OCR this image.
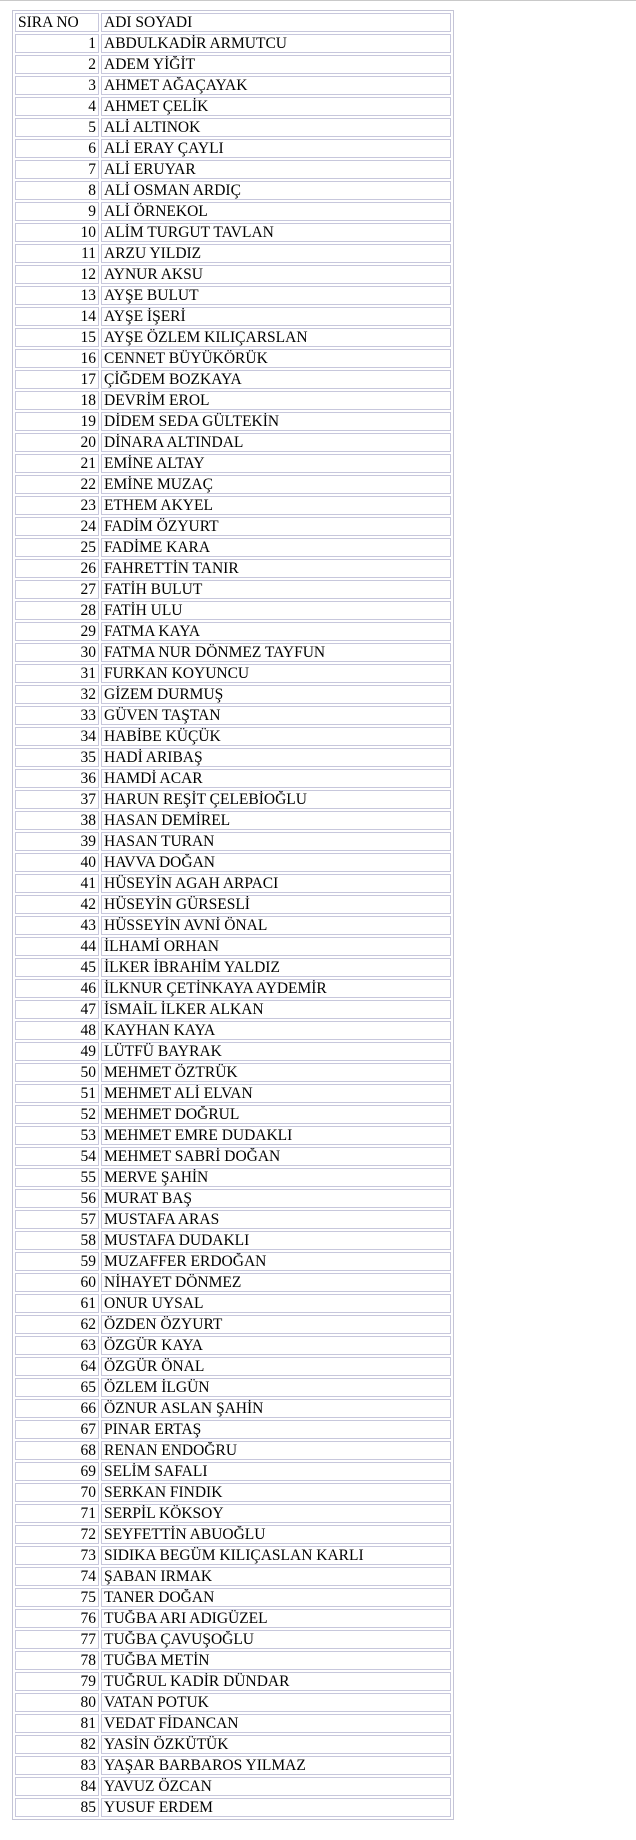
SIRA NO	ADI SOYADI
1	ABDULKADİR ARMUTCU
2	ADEM YİĞİT
3	AHMET AĞAÇAYAK
4	AHMET ÇELİK
5	ALİ ALTINOK
6	ALİ ERAY ÇAYLI
7	ALİ ERUYAR
8	ALİ OSMAN ARDIÇ
9	ALİ ÖRNEKOL
10	ALİM TURGUT TAVLAN
11	ARZU YILDIZ
12	AYNUR AKSU
13	AYŞE BULUT
14	AYŞE İŞERİ
15	AYŞE ÖZLEM KILIÇARSLAN
16	CENNET BÜYÜKÖRÜK
17	ÇİĞDEM BOZKAYA
18	DEVRİM EROL
19	DİDEM SEDA GÜLTEKİN
20	DİNARA ALTINDAL
21	EMİNE ALTAY
22	EMİNE MUZAÇ
23	ETHEM AKYEL
24	FADİM ÖZYURT
25	FADİME KARA
26	FAHRETTİN TANIR
27	FATİH BULUT
28	FATİH ULU
29	FATMA KAYA
30	FATMA NUR DÖNMEZ TAYFUN
31	FURKAN KOYUNCU
32	GİZEM DURMUŞ
33	GÜVEN TAŞTAN
34	HABİBE KÜÇÜK
35	HADİ ARIBAŞ
36	HAMDİ ACAR
37	HARUN REŞİT ÇELEBİOĞLU
38	HASAN DEMİREL
39	HASAN TURAN
40	HAVVA DOĞAN
41	HÜSEYİN AGAH ARPACI
42	HÜSEYİN GÜRSESLİ
43	HÜSSEYİN AVNİ ÖNAL
44	İLHAMİ ORHAN
45	İLKER İBRAHİM YALDIZ
46	İLKNUR ÇETİNKAYA AYDEMİR
47	İSMAİL İLKER ALKAN
48	KAYHAN KAYA
49	LÜTFÜ BAYRAK
50	MEHMET ÖZTRÜK
51	MEHMET ALİ ELVAN
52	MEHMET DOĞRUL
53	MEHMET EMRE DUDAKLI
54	MEHMET SABRİ DOĞAN
55	MERVE ŞAHİN
56	MURAT BAŞ
57	MUSTAFA ARAS
58	MUSTAFA DUDAKLI
59	MUZAFFER ERDOĞAN
60	NİHAYET DÖNMEZ
61	ONUR UYSAL
62	ÖZDEN ÖZYURT
63	ÖZGÜR KAYA
64	ÖZGÜR ÖNAL
65	ÖZLEM İLGÜN
66	ÖZNUR ASLAN ŞAHİN
67	PINAR ERTAŞ
68	RENAN ENDOĞRU
69	SELİM SAFALI
70	SERKAN FINDIK
71	SERPİL KÖKSOY
72	SEYFETTİN ABUOĞLU
73	SIDIKA BEGÜM KILIÇASLAN KARLI
74	ŞABAN IRMAK
75	TANER DOĞAN
76	TUĞBA ARI ADIGÜZEL
77	TUĞBA ÇAVUŞOĞLU
78	TUĞBA METİN
79	TUĞRUL KADİR DÜNDAR
80	VATAN POTUK
81	VEDAT FİDANCAN
82	YASİN ÖZKÜTÜK
83	YAŞAR BARBAROS YILMAZ
84	YAVUZ ÖZCAN
85	YUSUF ERDEM
